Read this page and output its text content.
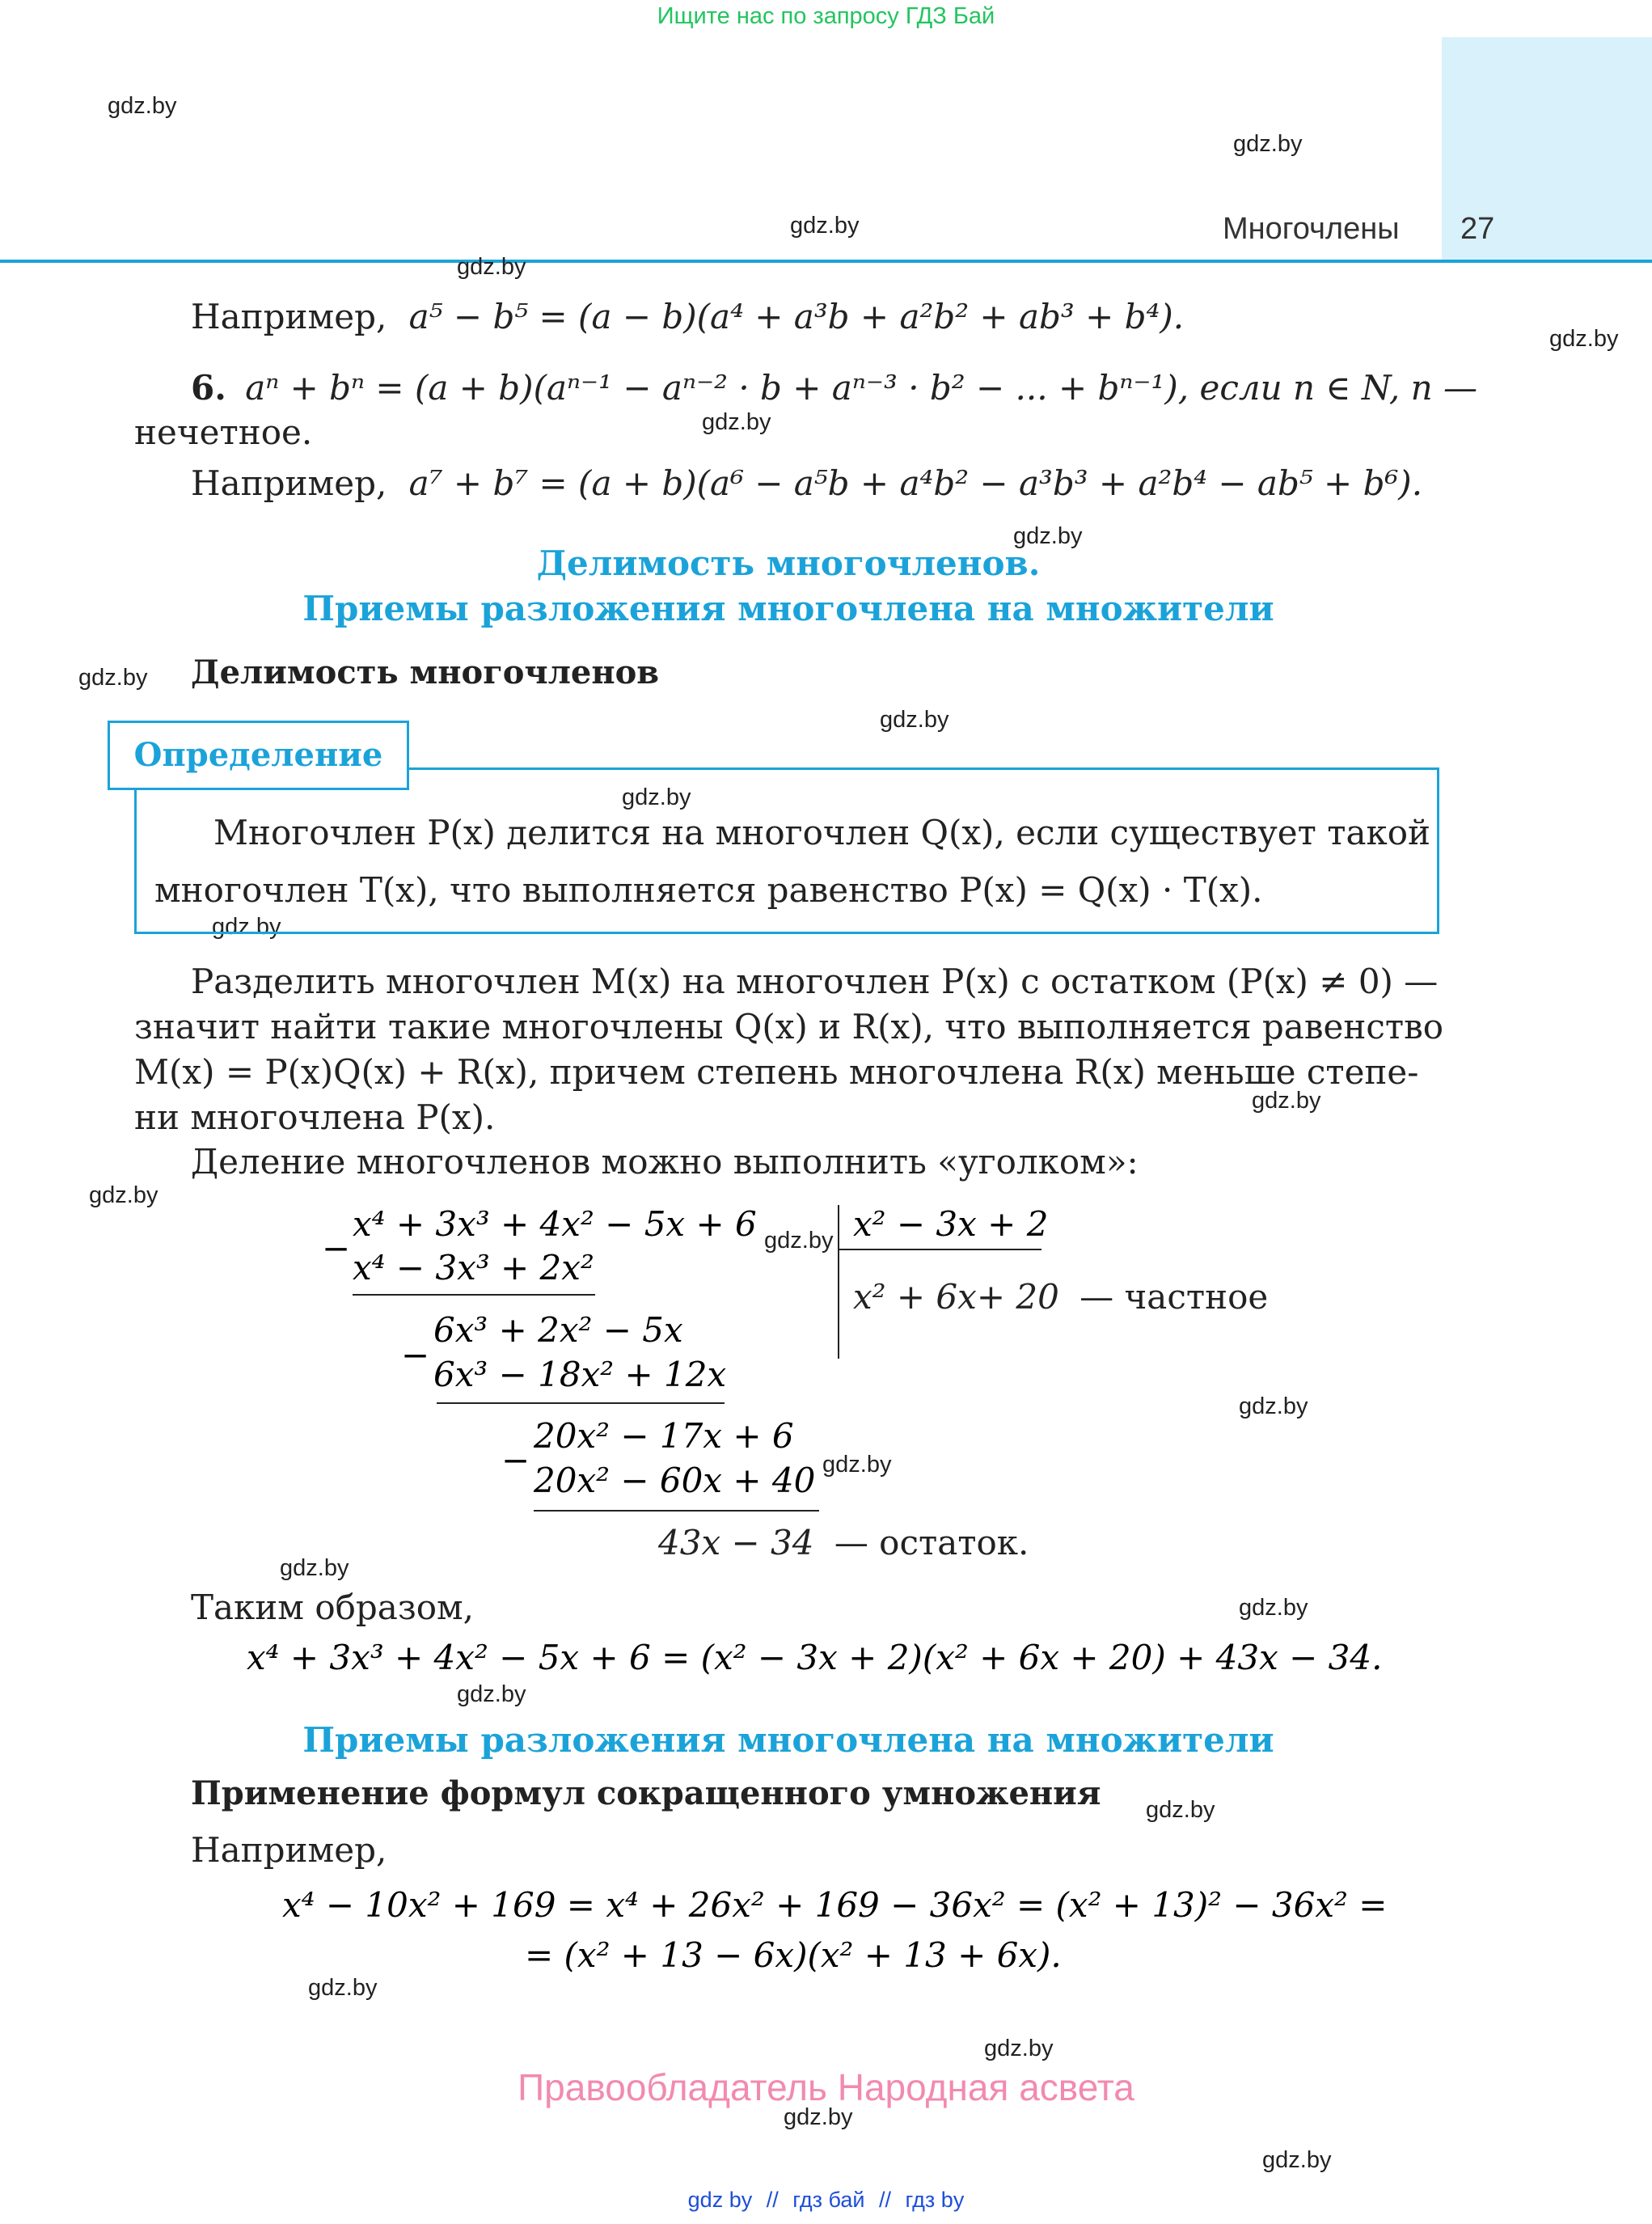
Ищите нас по запросу ГДЗ Бай
Многочлены 27
gdz.by
gdz.by
gdz.by
gdz.by
gdz.by
gdz.by
gdz.by
gdz.by
gdz.by
gdz.by
gdz.by
gdz.by
gdz.by
gdz.by
gdz.by
gdz.by
gdz.by
gdz.by
gdz.by
gdz.by
gdz.by
gdz.by
gdz.by
gdz.by
Например, a⁵ − b⁵ = (a − b)(a⁴ + a³b + a²b² + ab³ + b⁴).
6. aⁿ + bⁿ = (a + b)(aⁿ⁻¹ − aⁿ⁻² · b + aⁿ⁻³ · b² − ... + bⁿ⁻¹), если n ∈ N, n —
нечетное.
Например, a⁷ + b⁷ = (a + b)(a⁶ − a⁵b + a⁴b² − a³b³ + a²b⁴ − ab⁵ + b⁶).
Делимость многочленов.
Приемы разложения многочлена на множители
Делимость многочленов
Определение
Многочлен P(x) делится на многочлен Q(x), если существует такой
многочлен T(x), что выполняется равенство P(x) = Q(x) · T(x).
Разделить многочлен M(x) на многочлен P(x) с остатком (P(x) ≠ 0) —
значит найти такие многочлены Q(x) и R(x), что выполняется равенство
M(x) = P(x)Q(x) + R(x), причем степень многочлена R(x) меньше степе-
ни многочлена P(x).
Деление многочленов можно выполнить «уголком»:
x⁴ + 3x³ + 4x² − 5x + 6
− x⁴ − 3x³ + 2x²
x² − 3x + 2
x² + 6x+ 20 — частное
6x³ + 2x² − 5x
− 6x³ − 18x² + 12x
20x² − 17x + 6
−
20x² − 60x + 40
43x − 34 — остаток.
Таким образом,
x⁴ + 3x³ + 4x² − 5x + 6 = (x² − 3x + 2)(x² + 6x + 20) + 43x − 34.
Приемы разложения многочлена на множители
Применение формул сокращенного умножения
Например,
x⁴ − 10x² + 169 = x⁴ + 26x² + 169 − 36x² = (x² + 13)² − 36x² =
= (x² + 13 − 6x)(x² + 13 + 6x).
Правообладатель Народная асвета
gdz by // гдз бай // гдз by
